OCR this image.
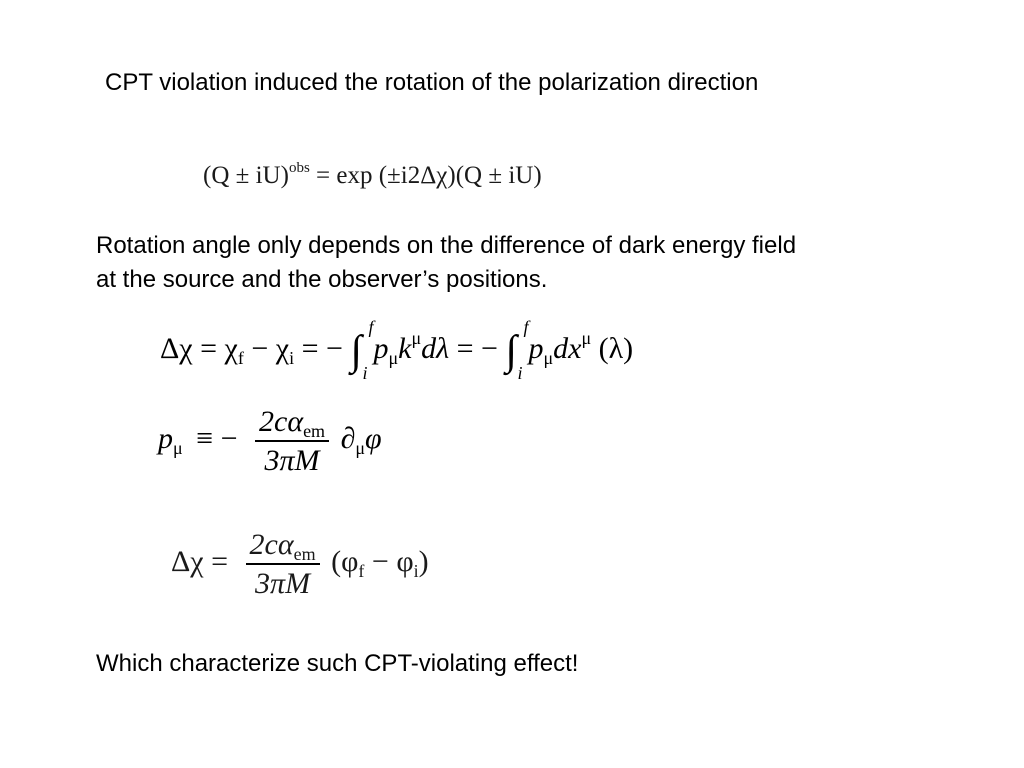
CPT violation induced the rotation of the polarization direction
(Q ± iU)$^{obs}$ = exp (±i2Δχ)(Q ± iU)
Rotation angle only depends on the difference of dark energy field
at the source and the observer’s positions.
$\Delta\chi = \chi_f - \chi_i$ = − ∫
f
i
$p_\mu k^\mu d\lambda$ = − ∫
f
i
$p_\mu dx^\mu$ (λ)
$p_\mu$ ≡ − $\frac{2c\alpha_{em}}{3\pi M} \partial_\mu\varphi$
$\Delta\chi = \frac{2c\alpha_{em}}{3\pi M} (\varphi_f - \varphi_i)$
Which characterize such CPT-violating effect!
